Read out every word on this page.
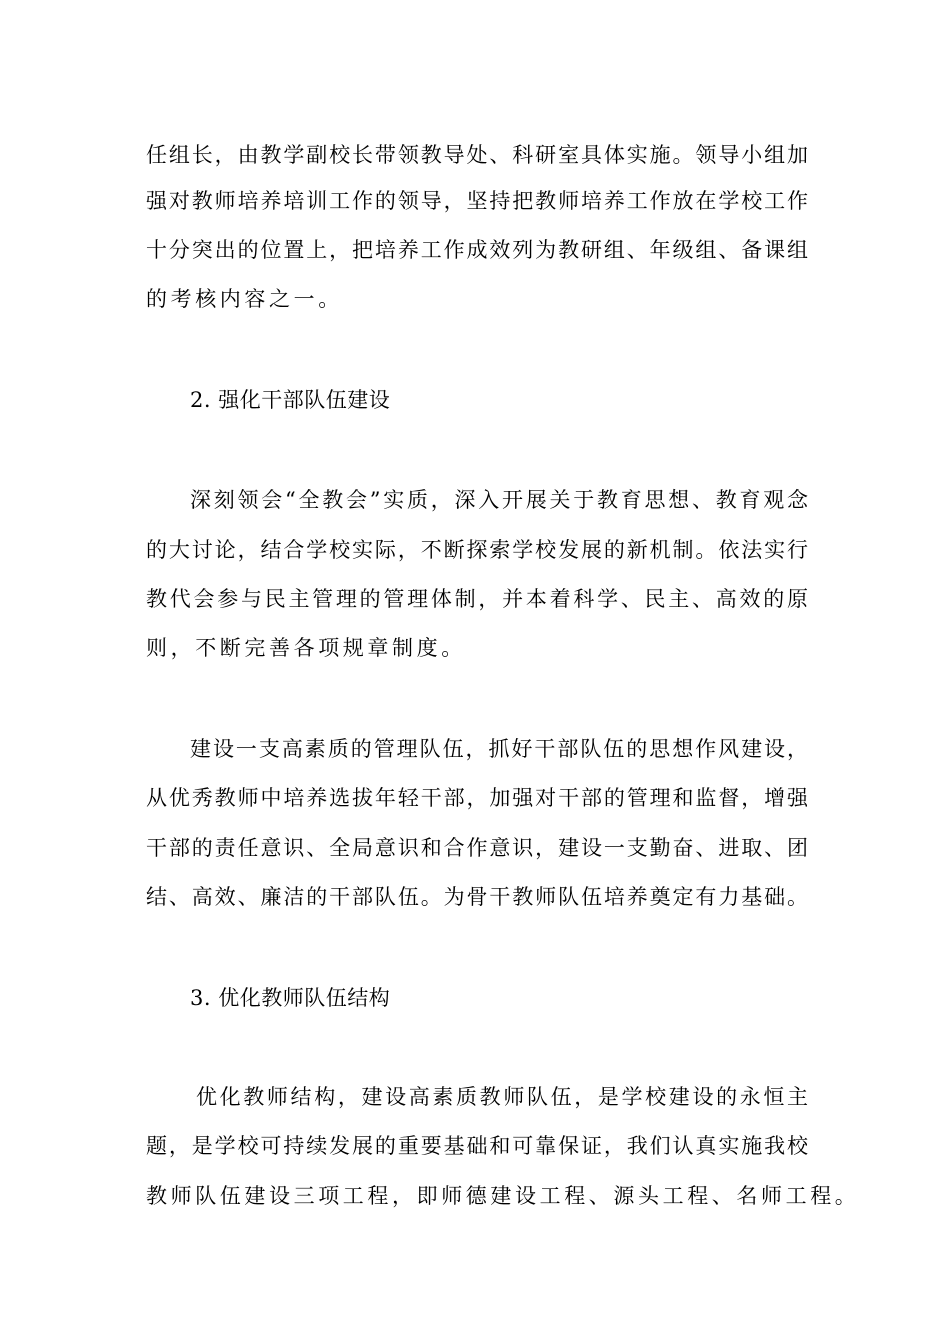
任组长，由教学副校长带领教导处、科研室具体实施。领导小组加
强对教师培养培训工作的领导，坚持把教师培养工作放在学校工作
十分突出的位置上，把培养工作成效列为教研组、年级组、备课组
的考核内容之一。
2. 强化干部队伍建设
深刻领会“全教会”实质，深入开展关于教育思想、教育观念
的大讨论，结合学校实际，不断探索学校发展的新机制。依法实行
教代会参与民主管理的管理体制，并本着科学、民主、高效的原
则，不断完善各项规章制度。
建设一支高素质的管理队伍，抓好干部队伍的思想作风建设，
从优秀教师中培养选拔年轻干部，加强对干部的管理和监督，增强
干部的责任意识、全局意识和合作意识，建设一支勤奋、进取、团
结、高效、廉洁的干部队伍。为骨干教师队伍培养奠定有力基础。
3. 优化教师队伍结构
优化教师结构，建设高素质教师队伍，是学校建设的永恒主
题，是学校可持续发展的重要基础和可靠保证，我们认真实施我校
教师队伍建设三项工程，即师德建设工程、源头工程、名师工程。
